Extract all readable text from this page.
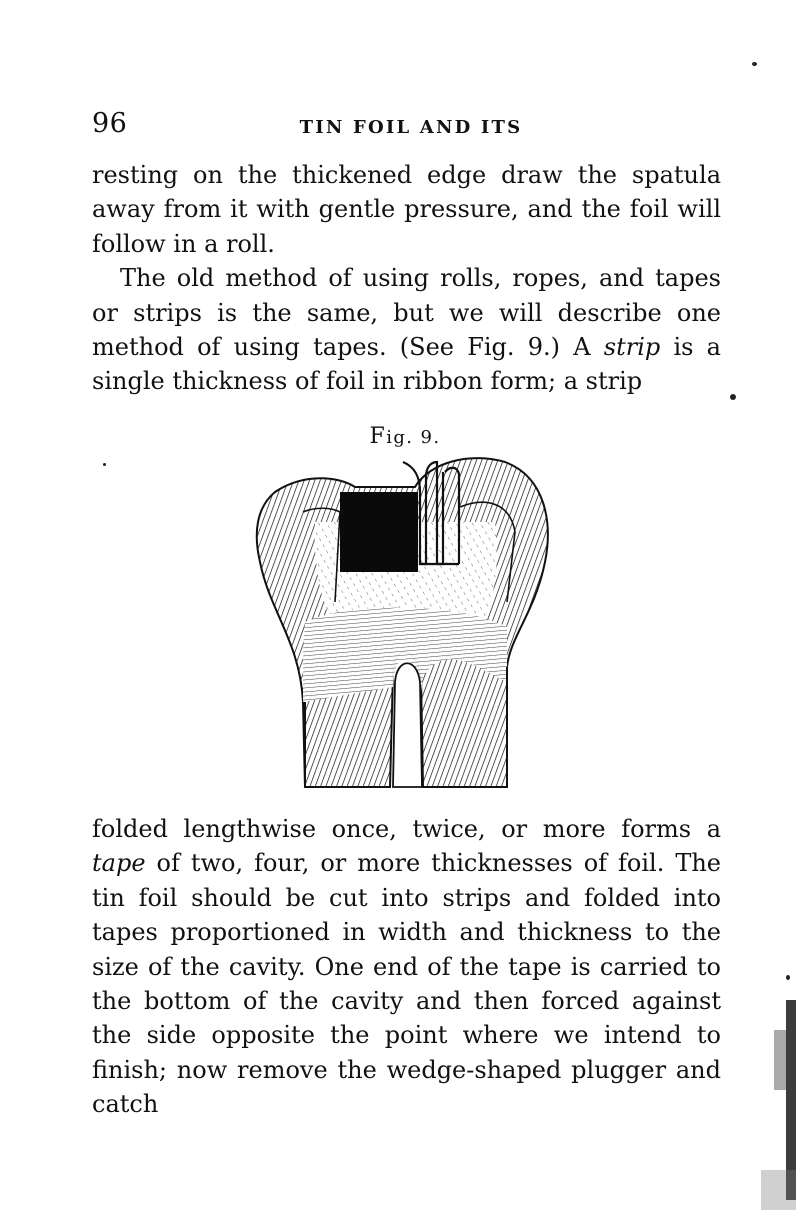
96	TIN FOIL AND ITS

resting on the thickened edge draw the spatula away from it with gentle pressure, and the foil will follow in a roll.

The old method of using rolls, ropes, and tapes or strips is the same, but we will describe one method of using tapes. (See Fig. 9.) A strip is a single thickness of foil in ribbon form; a strip

Fig. 9.

folded lengthwise once, twice, or more forms a tape of two, four, or more thicknesses of foil. The tin foil should be cut into strips and folded into tapes proportioned in width and thickness to the size of the cavity. One end of the tape is carried to the bottom of the cavity and then forced against the side opposite the point where we intend to finish; now remove the wedge-shaped plugger and catch
